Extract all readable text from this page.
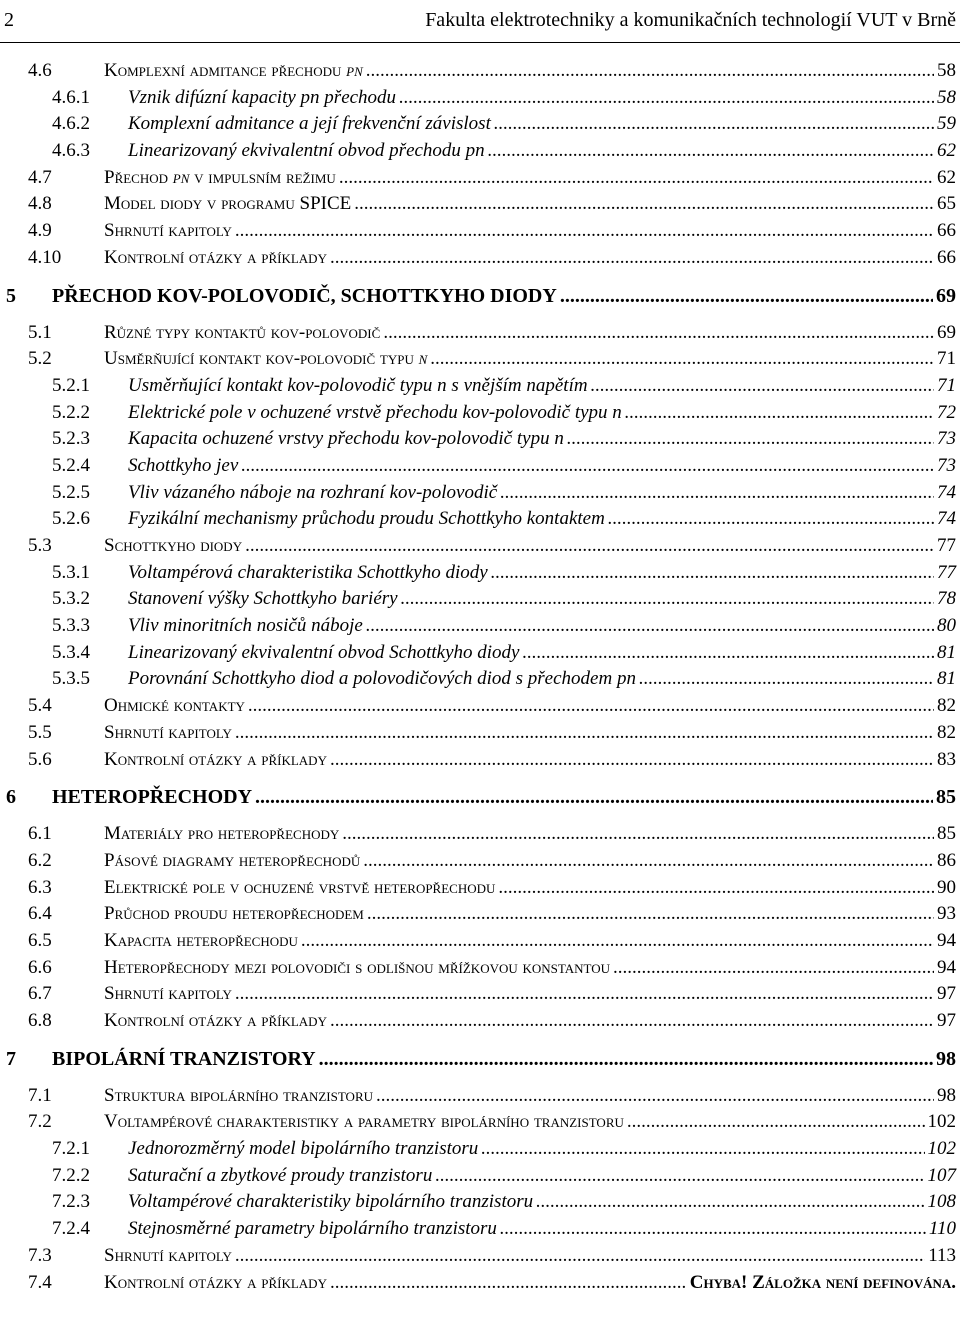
2	Fakulta elektrotechniky a komunikačních technologií VUT v Brně
4.6	Komplexní admitance přechodu pn .....	58
4.6.1	Vznik difúzní kapacity pn přechodu .....	58
4.6.2	Komplexní admitance a její frekvenční závislost .....	59
4.6.3	Linearizovaný ekvivalentní obvod přechodu pn .....	62
4.7	Přechod pn v impulsním režimu .....	62
4.8	Model diody v programu SPICE .....	65
4.9	Shrnutí kapitoly .....	66
4.10	Kontrolní otázky a příklady .....	66
5	PŘECHOD KOV-POLOVODIČ, SCHOTTKYHO DIODY .....	69
5.1	Různé typy kontaktů kov-polovodič .....	69
5.2	Usměrňující kontakt kov-polovodič typu n .....	71
5.2.1	Usměrňující kontakt kov-polovodič typu n s vnějším napětím .....	71
5.2.2	Elektrické pole v ochuzené vrstvě přechodu kov-polovodič typu n .....	72
5.2.3	Kapacita ochuzené vrstvy přechodu kov-polovodič typu n .....	73
5.2.4	Schottkyho jev .....	73
5.2.5	Vliv vázaného náboje na rozhraní kov-polovodič .....	74
5.2.6	Fyzikální mechanismy průchodu proudu Schottkyho kontaktem .....	74
5.3	Schottkyho diody .....	77
5.3.1	Voltampérová charakteristika Schottkyho diody .....	77
5.3.2	Stanovení výšky Schottkyho bariéry .....	78
5.3.3	Vliv minoritních nosičů náboje .....	80
5.3.4	Linearizovaný ekvivalentní obvod Schottkyho diody .....	81
5.3.5	Porovnání Schottkyho diod a polovodičových diod s přechodem pn .....	81
5.4	Ohmické kontakty .....	82
5.5	Shrnutí kapitoly .....	82
5.6	Kontrolní otázky a příklady .....	83
6	HETEROPŘECHODY .....	85
6.1	Materiály pro heteropřechody .....	85
6.2	Pásové diagramy heteropřechodů .....	86
6.3	Elektrické pole v ochuzené vrstvě heteropřechodu .....	90
6.4	Průchod proudu heteropřechodem .....	93
6.5	Kapacita heteropřechodu .....	94
6.6	Heteropřechody mezi polovodiči s odlišnou mřížkovou konstantou .....	94
6.7	Shrnutí kapitoly .....	97
6.8	Kontrolní otázky a příklady .....	97
7	BIPOLÁRNÍ TRANZISTORY .....	98
7.1	Struktura bipolárního tranzistoru .....	98
7.2	Voltampérové charakteristiky a parametry bipolárního tranzistoru .....	102
7.2.1	Jednorozměrný model bipolárního tranzistoru .....	102
7.2.2	Saturační a zbytkové proudy tranzistoru .....	107
7.2.3	Voltampérové charakteristiky bipolárního tranzistoru .....	108
7.2.4	Stejnosměrné parametry bipolárního tranzistoru .....	110
7.3	Shrnutí kapitoly .....	113
7.4	Kontrolní otázky a příklady .....	Chyba! Záložka není definována.
